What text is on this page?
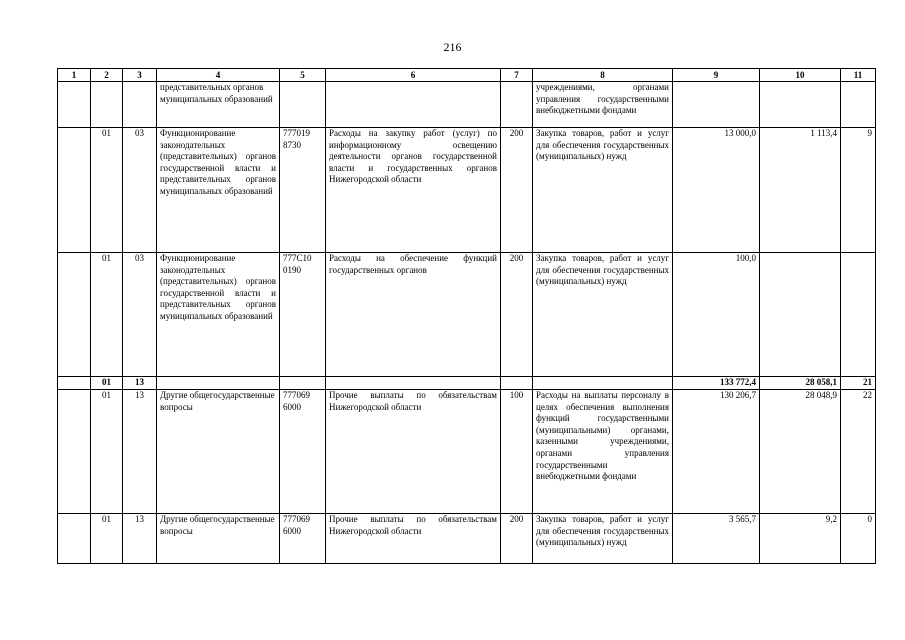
216
1	2	3	4	5	6	7	8	9	10	11
			представительных органов муниципальных образований				учреждениями, органами управления государственными внебюджетными фондами			
	01	03	Функционирование законодательных (представительных) органов государственной власти и представительных органов муниципальных образований	777019 8730	Расходы на закупку работ (услуг) по информационному освещению деятельности органов государственной власти и государственных органов Нижегородской области	200	Закупка товаров, работ и услуг для обеспечения государственных (муниципальных) нужд	13 000,0	1 113,4	9
	01	03	Функционирование законодательных (представительных) органов государственной власти и представительных органов муниципальных образований	777С10 0190	Расходы на обеспечение функций государственных органов	200	Закупка товаров, работ и услуг для обеспечения государственных (муниципальных) нужд	100,0		
	01	13						133 772,4	28 058,1	21
	01	13	Другие общегосударственные вопросы	777069 6000	Прочие выплаты по обязательствам Нижегородской области	100	Расходы на выплаты персоналу в целях обеспечения выполнения функций государственными (муниципальными) органами, казенными учреждениями, органами управления государственными внебюджетными фондами	130 206,7	28 048,9	22
	01	13	Другие общегосударственные вопросы	777069 6000	Прочие выплаты по обязательствам Нижегородской области	200	Закупка товаров, работ и услуг для обеспечения государственных (муниципальных) нужд	3 565,7	9,2	0
